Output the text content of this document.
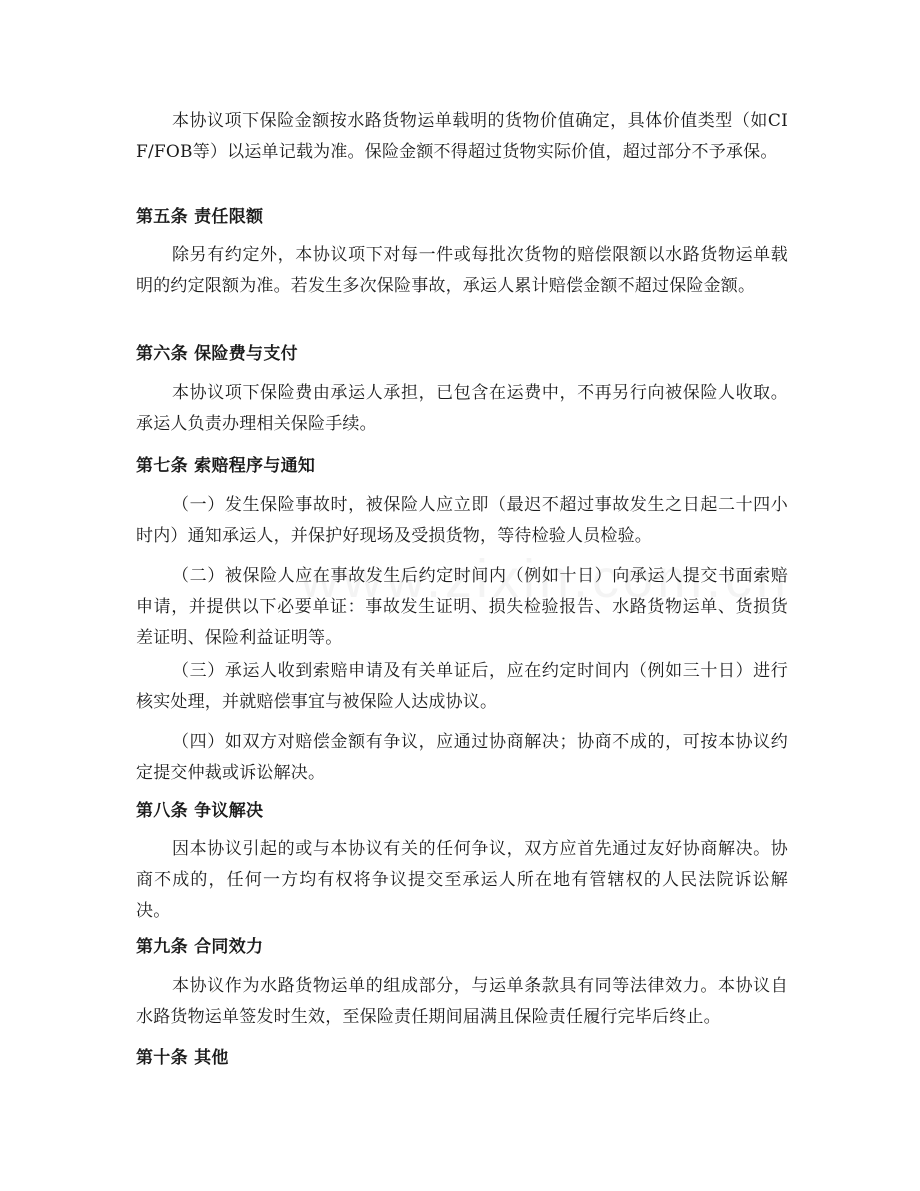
本协议项下保险金额按水路货物运单载明的货物价值确定，具体价值类型（如CIF/FOB等）以运单记载为准。保险金额不得超过货物实际价值，超过部分不予承保。

第五条 责任限额

除另有约定外，本协议项下对每一件或每批次货物的赔偿限额以水路货物运单载明的约定限额为准。若发生多次保险事故，承运人累计赔偿金额不超过保险金额。

第六条 保险费与支付

本协议项下保险费由承运人承担，已包含在运费中，不再另行向被保险人收取。承运人负责办理相关保险手续。

第七条 索赔程序与通知

（一）发生保险事故时，被保险人应立即（最迟不超过事故发生之日起二十四小时内）通知承运人，并保护好现场及受损货物，等待检验人员检验。

（二）被保险人应在事故发生后约定时间内（例如十日）向承运人提交书面索赔申请，并提供以下必要单证：事故发生证明、损失检验报告、水路货物运单、货损货差证明、保险利益证明等。

（三）承运人收到索赔申请及有关单证后，应在约定时间内（例如三十日）进行核实处理，并就赔偿事宜与被保险人达成协议。

（四）如双方对赔偿金额有争议，应通过协商解决；协商不成的，可按本协议约定提交仲裁或诉讼解决。

第八条 争议解决

因本协议引起的或与本协议有关的任何争议，双方应首先通过友好协商解决。协商不成的，任何一方均有权将争议提交至承运人所在地有管辖权的人民法院诉讼解决。

第九条 合同效力

本协议作为水路货物运单的组成部分，与运单条款具有同等法律效力。本协议自水路货物运单签发时生效，至保险责任期间届满且保险责任履行完毕后终止。

第十条 其他
